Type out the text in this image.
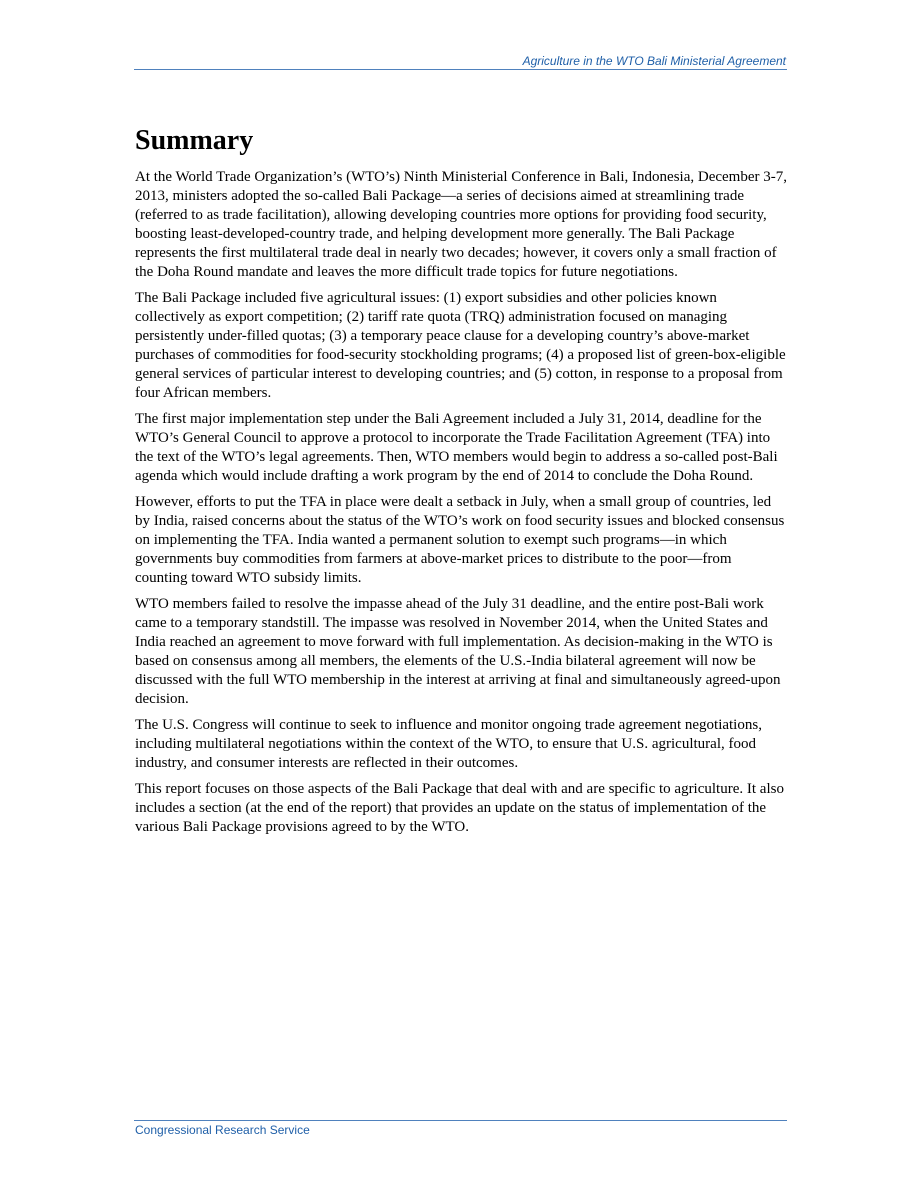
Agriculture in the WTO Bali Ministerial Agreement
Summary

At the World Trade Organization’s (WTO’s) Ninth Ministerial Conference in Bali, Indonesia, December 3-7, 2013, ministers adopted the so-called Bali Package—a series of decisions aimed at streamlining trade (referred to as trade facilitation), allowing developing countries more options for providing food security, boosting least-developed-country trade, and helping development more generally. The Bali Package represents the first multilateral trade deal in nearly two decades; however, it covers only a small fraction of the Doha Round mandate and leaves the more difficult trade topics for future negotiations.

The Bali Package included five agricultural issues: (1) export subsidies and other policies known collectively as export competition; (2) tariff rate quota (TRQ) administration focused on managing persistently under-filled quotas; (3) a temporary peace clause for a developing country’s above-market purchases of commodities for food-security stockholding programs; (4) a proposed list of green-box-eligible general services of particular interest to developing countries; and (5) cotton, in response to a proposal from four African members.

The first major implementation step under the Bali Agreement included a July 31, 2014, deadline for the WTO’s General Council to approve a protocol to incorporate the Trade Facilitation Agreement (TFA) into the text of the WTO’s legal agreements. Then, WTO members would begin to address a so-called post-Bali agenda which would include drafting a work program by the end of 2014 to conclude the Doha Round.

However, efforts to put the TFA in place were dealt a setback in July, when a small group of countries, led by India, raised concerns about the status of the WTO’s work on food security issues and blocked consensus on implementing the TFA. India wanted a permanent solution to exempt such programs—in which governments buy commodities from farmers at above-market prices to distribute to the poor—from counting toward WTO subsidy limits.

WTO members failed to resolve the impasse ahead of the July 31 deadline, and the entire post-Bali work came to a temporary standstill. The impasse was resolved in November 2014, when the United States and India reached an agreement to move forward with full implementation. As decision-making in the WTO is based on consensus among all members, the elements of the U.S.-India bilateral agreement will now be discussed with the full WTO membership in the interest at arriving at final and simultaneously agreed-upon decision.

The U.S. Congress will continue to seek to influence and monitor ongoing trade agreement negotiations, including multilateral negotiations within the context of the WTO, to ensure that U.S. agricultural, food industry, and consumer interests are reflected in their outcomes.

This report focuses on those aspects of the Bali Package that deal with and are specific to agriculture. It also includes a section (at the end of the report) that provides an update on the status of implementation of the various Bali Package provisions agreed to by the WTO.

Congressional Research Service
